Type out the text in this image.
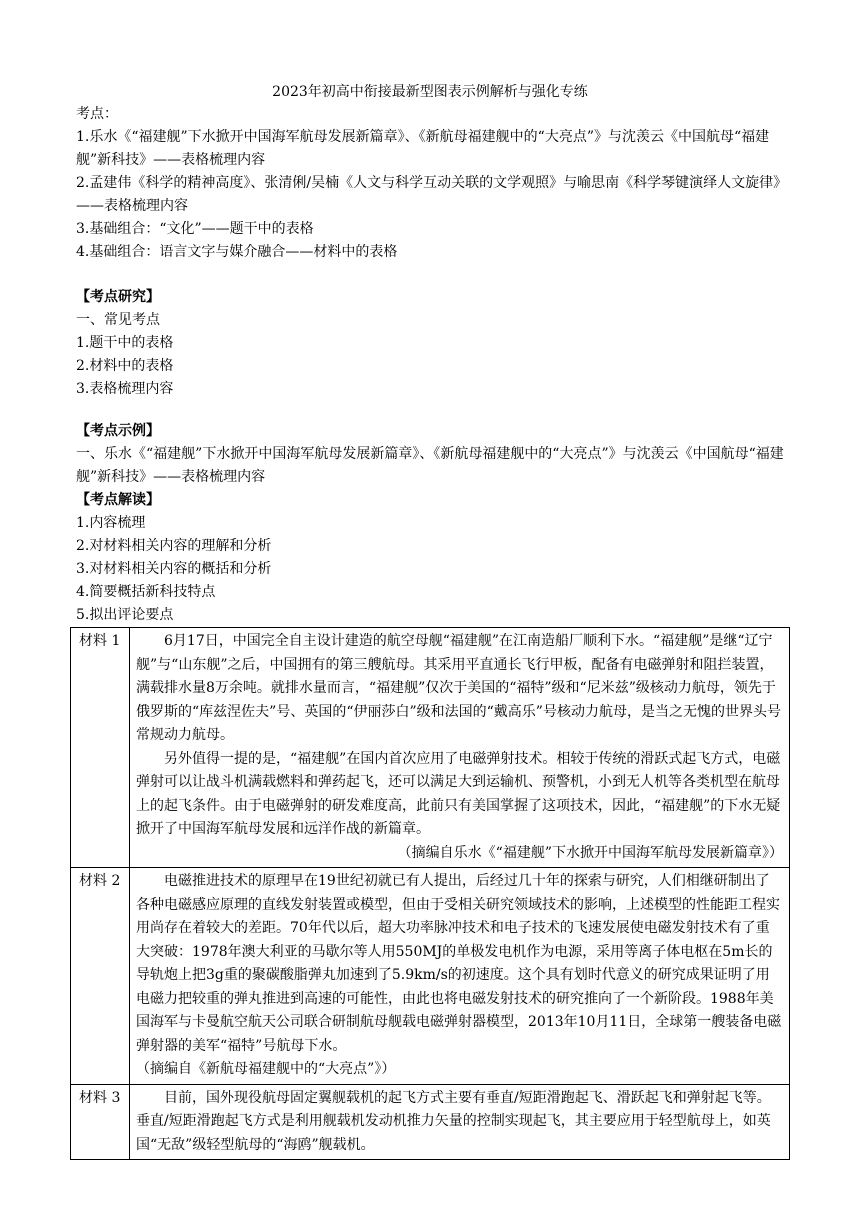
2023年初高中衔接最新型图表示例解析与强化专练

考点：

1.乐水《“福建舰”下水掀开中国海军航母发展新篇章》、《新航母福建舰中的“大亮点”》与沈羡云《中国航母“福建舰”新科技》——表格梳理内容

2.孟建伟《科学的精神高度》、张清俐/吴楠《人文与科学互动关联的文学观照》与喻思南《科学琴键演绎人文旋律》——表格梳理内容

3.基础组合：“文化”——题干中的表格

4.基础组合：语言文字与媒介融合——材料中的表格

【考点研究】

一、常见考点

1.题干中的表格

2.材料中的表格

3.表格梳理内容

【考点示例】

一、乐水《“福建舰”下水掀开中国海军航母发展新篇章》、《新航母福建舰中的“大亮点”》与沈羡云《中国航母“福建舰”新科技》——表格梳理内容

【考点解读】

1.内容梳理

2.对材料相关内容的理解和分析

3.对材料相关内容的概括和分析

4.简要概括新科技特点

5.拟出评论要点

材料 1	6月17日，中国完全自主设计建造的航空母舰“福建舰”在江南造船厂顺利下水。“福建舰”是继“辽宁舰”与“山东舰”之后，中国拥有的第三艘航母。其采用平直通长飞行甲板，配备有电磁弹射和阻拦装置，满载排水量8万余吨。就排水量而言，“福建舰”仅次于美国的“福特”级和“尼米兹”级核动力航母，领先于俄罗斯的“库兹涅佐夫”号、英国的“伊丽莎白”级和法国的“戴高乐”号核动力航母，是当之无愧的世界头号常规动力航母。

另外值得一提的是，“福建舰”在国内首次应用了电磁弹射技术。相较于传统的滑跃式起飞方式，电磁弹射可以让战斗机满载燃料和弹药起飞，还可以满足大到运输机、预警机，小到无人机等各类机型在航母上的起飞条件。由于电磁弹射的研发难度高，此前只有美国掌握了这项技术，因此，“福建舰”的下水无疑掀开了中国海军航母发展和远洋作战的新篇章。

（摘编自乐水《“福建舰”下水掀开中国海军航母发展新篇章》）

材料 2	电磁推进技术的原理早在19世纪初就已有人提出，后经过几十年的探索与研究，人们相继研制出了各种电磁感应原理的直线发射装置或模型，但由于受相关研究领域技术的影响，上述模型的性能距工程实用尚存在着较大的差距。70年代以后，超大功率脉冲技术和电子技术的飞速发展使电磁发射技术有了重大突破：1978年澳大利亚的马歇尔等人用550MJ的单极发电机作为电源，采用等离子体电枢在5m长的导轨炮上把3g重的聚碳酸脂弹丸加速到了5.9km/s的初速度。这个具有划时代意义的研究成果证明了用电磁力把较重的弹丸推进到高速的可能性，由此也将电磁发射技术的研究推向了一个新阶段。1988年美国海军与卡曼航空航天公司联合研制航母舰载电磁弹射器模型，2013年10月11日，全球第一艘装备电磁弹射器的美军“福特”号航母下水。

（摘编自《新航母福建舰中的“大亮点”》）

材料 3	目前，国外现役航母固定翼舰载机的起飞方式主要有垂直/短距滑跑起飞、滑跃起飞和弹射起飞等。垂直/短距滑跑起飞方式是利用舰载机发动机推力矢量的控制实现起飞，其主要应用于轻型航母上，如英国“无敌”级轻型航母的“海鸥”舰载机。
